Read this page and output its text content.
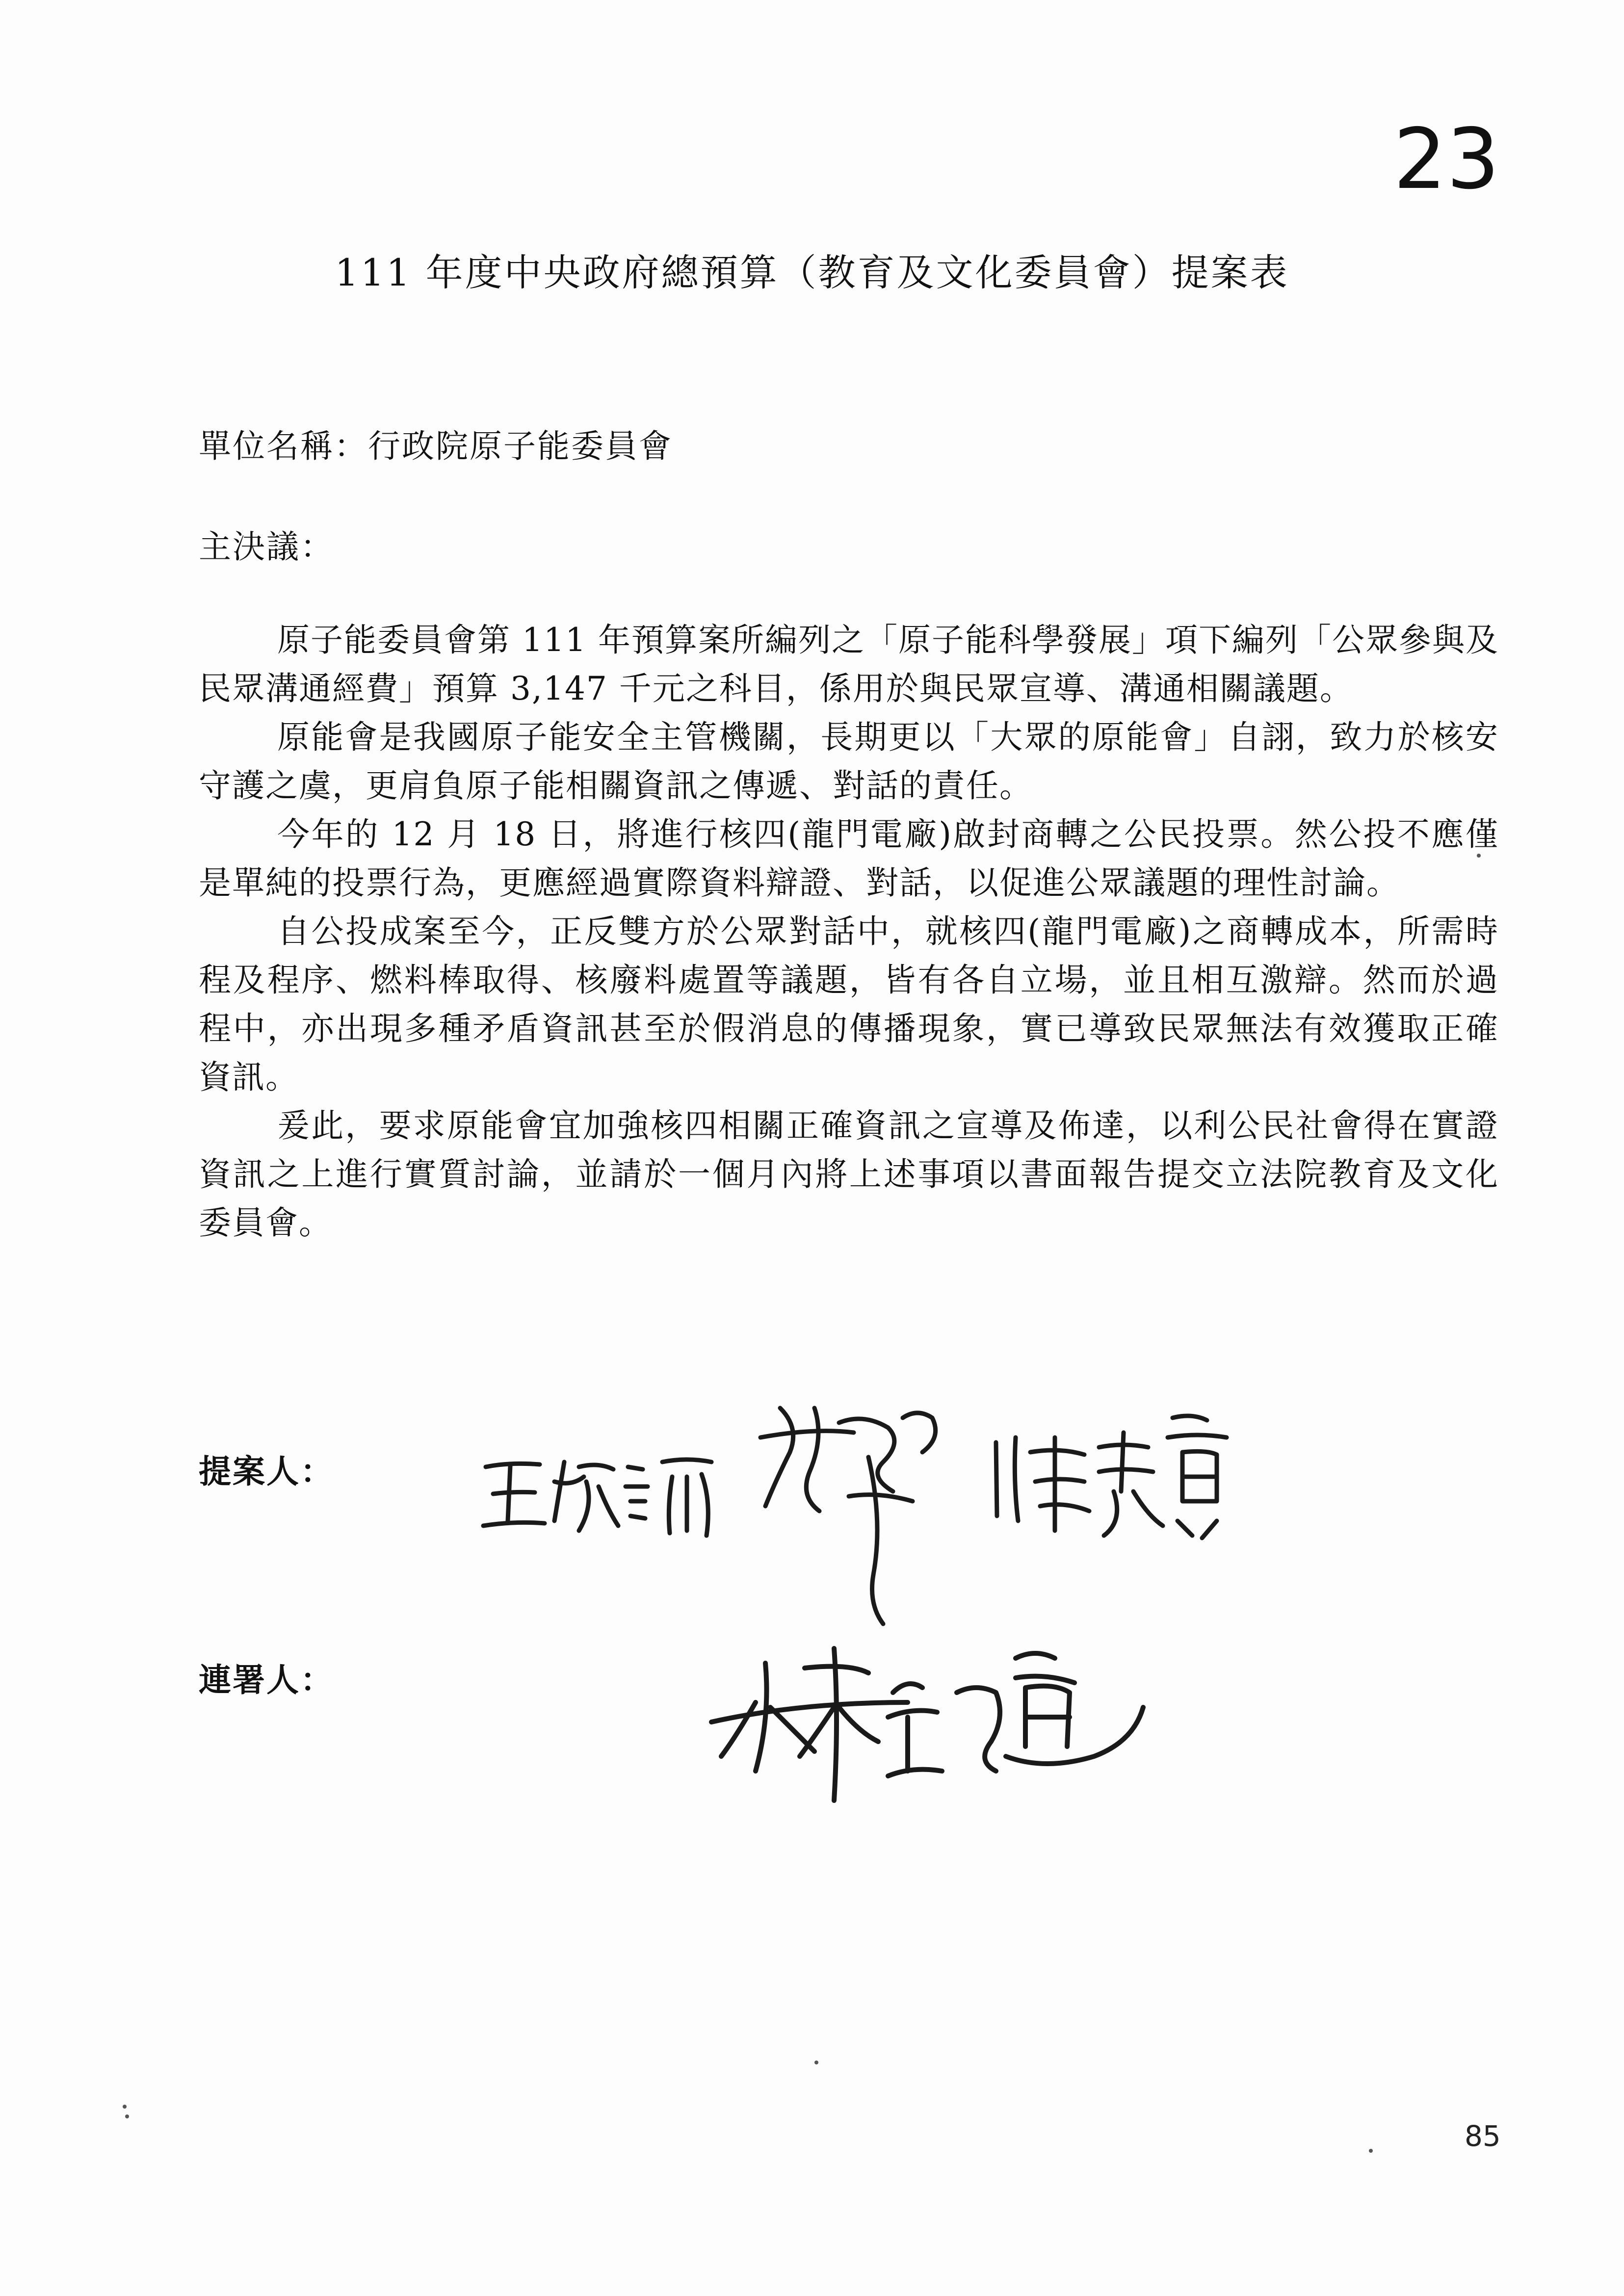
23
111 年度中央政府總預算（教育及文化委員會）提案表
單位名稱：行政院原子能委員會
主決議：

原子能委員會第 111 年預算案所編列之「原子能科學發展」項下編列「公眾參與及民眾溝通經費」預算 3,147 千元之科目，係用於與民眾宣導、溝通相關議題。

原能會是我國原子能安全主管機關，長期更以「大眾的原能會」自詡，致力於核安守護之虞，更肩負原子能相關資訊之傳遞、對話的責任。

今年的 12 月 18 日，將進行核四(龍門電廠)啟封商轉之公民投票。然公投不應僅是單純的投票行為，更應經過實際資料辯證、對話，以促進公眾議題的理性討論。

自公投成案至今，正反雙方於公眾對話中，就核四(龍門電廠)之商轉成本，所需時程及程序、燃料棒取得、核廢料處置等議題，皆有各自立場，並且相互激辯。然而於過程中，亦出現多種矛盾資訊甚至於假消息的傳播現象，實已導致民眾無法有效獲取正確資訊。

爰此，要求原能會宜加強核四相關正確資訊之宣導及佈達，以利公民社會得在實證資訊之上進行實質討論，並請於一個月內將上述事項以書面報告提交立法院教育及文化委員會。

提案人：
連署人：
85
